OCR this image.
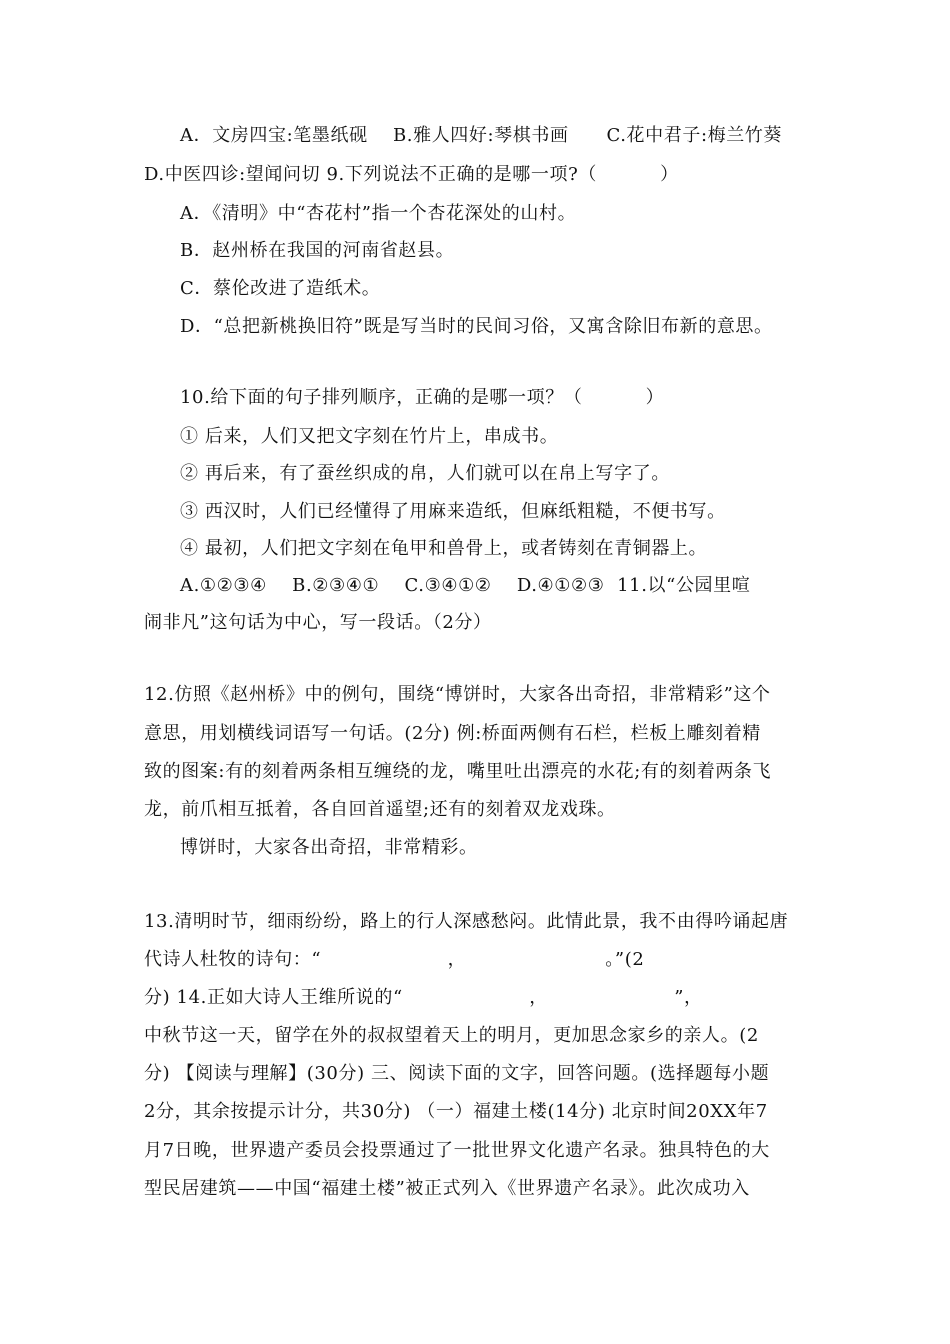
A．文房四宝:笔墨纸砚    B.雅人四好:琴棋书画      C.花中君子:梅兰竹葵
D.中医四诊:望闻问切 9.下列说法不正确的是哪一项?（          ）
A．《清明》中“杏花村”指一个杏花深处的山村。
B．赵州桥在我国的河南省赵县。
C．蔡伦改进了造纸术。
D．“总把新桃换旧符”既是写当时的民间习俗，又寓含除旧布新的意思。
10.给下面的句子排列顺序，正确的是哪一项？（          ）
① 后来，人们又把文字刻在竹片上，串成书。
② 再后来，有了蚕丝织成的帛，人们就可以在帛上写字了。
③ 西汉时，人们已经懂得了用麻来造纸，但麻纸粗糙，不便书写。
④ 最初，人们把文字刻在龟甲和兽骨上，或者铸刻在青铜器上。
A.①②③④    B.②③④①    C.③④①②    D.④①②③  11.以“公园里喧
闹非凡”这句话为中心，写一段话。（2分）
12.仿照《赵州桥》中的例句，围绕“博饼时，大家各出奇招，非常精彩”这个
意思，用划横线词语写一句话。(2分) 例:桥面两侧有石栏，栏板上雕刻着精
致的图案:有的刻着两条相互缠绕的龙，嘴里吐出漂亮的水花;有的刻着两条飞
龙，前爪相互抵着，各自回首遥望;还有的刻着双龙戏珠。
博饼时，大家各出奇招，非常精彩。
13.清明时节，细雨纷纷，路上的行人深感愁闷。此情此景，我不由得吟诵起唐
代诗人杜牧的诗句：“                    ，                      。”(2
分) 14.正如大诗人王维所说的“                    ，                    ”，
中秋节这一天，留学在外的叔叔望着天上的明月，更加思念家乡的亲人。(2
分) 【阅读与理解】(30分) 三、阅读下面的文字，回答问题。(选择题每小题
2分，其余按提示计分，共30分) （一）福建土楼(14分) 北京时间20XX年7
月7日晚，世界遗产委员会投票通过了一批世界文化遗产名录。独具特色的大
型民居建筑——中国“福建土楼”被正式列入《世界遗产名录》。此次成功入
